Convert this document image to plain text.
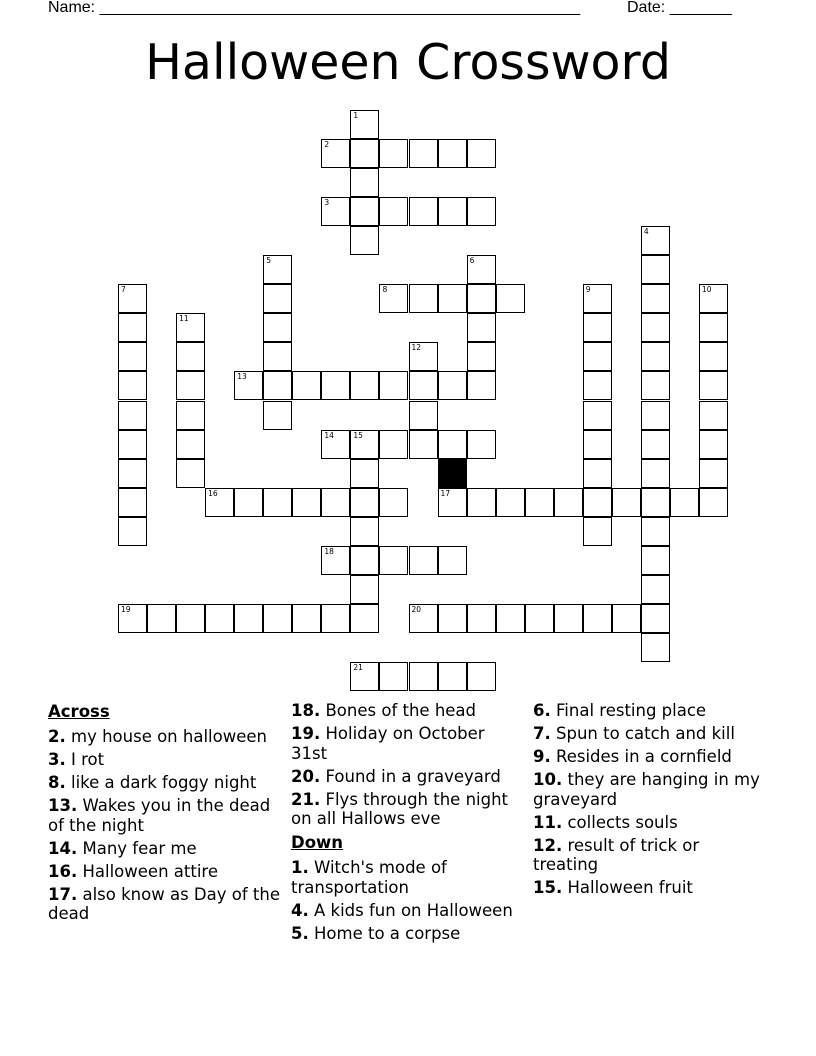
Name: ______________________________________________________	Date: _______
Halloween Crossword
1
2
3
4
5	6
7	8	9	10
11
12
13
14	15
16	17
18
19	20
21
Across
2. my house on halloween
3. I rot
8. like a dark foggy night
13. Wakes you in the dead of the night
14. Many fear me
16. Halloween attire
17. also know as Day of the dead
18. Bones of the head
19. Holiday on October 31st
20. Found in a graveyard
21. Flys through the night on all Hallows eve
Down
1. Witch's mode of transportation
4. A kids fun on Halloween
5. Home to a corpse
6. Final resting place
7. Spun to catch and kill
9. Resides in a cornfield
10. they are hanging in my graveyard
11. collects souls
12. result of trick or treating
15. Halloween fruit
